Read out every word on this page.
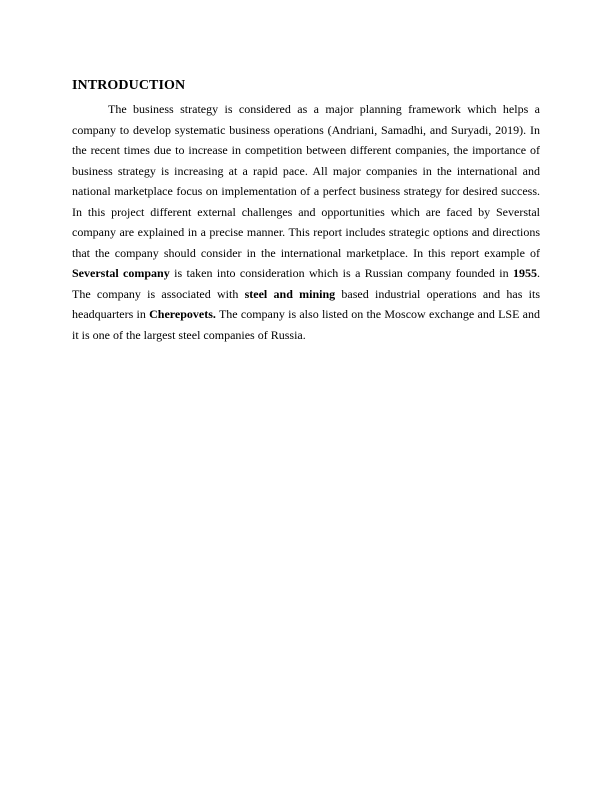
INTRODUCTION

The business strategy is considered as a major planning framework which helps a company to develop systematic business operations (Andriani, Samadhi, and Suryadi, 2019). In the recent times due to increase in competition between different companies, the importance of business strategy is increasing at a rapid pace. All major companies in the international and national marketplace focus on implementation of a perfect business strategy for desired success. In this project different external challenges and opportunities which are faced by Severstal company are explained in a precise manner. This report includes strategic options and directions that the company should consider in the international marketplace. In this report example of Severstal company is taken into consideration which is a Russian company founded in 1955. The company is associated with steel and mining based industrial operations and has its headquarters in Cherepovets. The company is also listed on the Moscow exchange and LSE and it is one of the largest steel companies of Russia.
